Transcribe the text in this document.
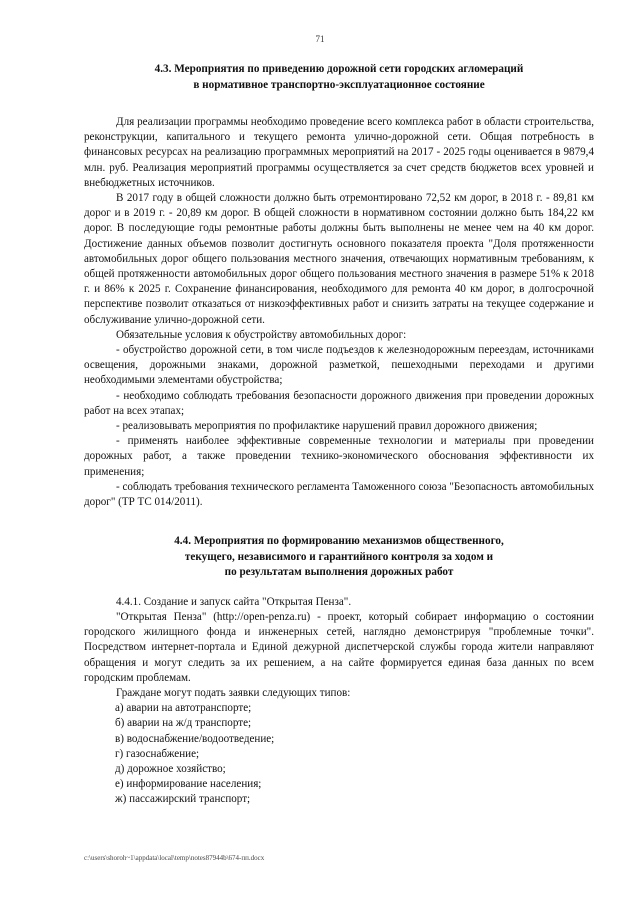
71
4.3. Мероприятия по приведению дорожной сети городских агломераций
в нормативное транспортно-эксплуатационное состояние

Для реализации программы необходимо проведение всего комплекса работ в области строительства, реконструкции, капитального и текущего ремонта улично-дорожной сети. Общая потребность в финансовых ресурсах на реализацию программных мероприятий на 2017 - 2025 годы оценивается в 9879,4 млн. руб. Реализация мероприятий программы осуществляется за счет средств бюджетов всех уровней и внебюджетных источников.

В 2017 году в общей сложности должно быть отремонтировано 72,52 км дорог, в 2018 г. - 89,81 км дорог и в 2019 г. - 20,89 км дорог. В общей сложности в нормативном состоянии должно быть 184,22 км дорог. В последующие годы ремонтные работы должны быть выполнены не менее чем на 40 км дорог. Достижение данных объемов позволит достигнуть основного показателя проекта "Доля протяженности автомобильных дорог общего пользования местного значения, отвечающих нормативным требованиям, к общей протяженности автомобильных дорог общего пользования местного значения в размере 51% к 2018 г. и 86% к 2025 г. Сохранение финансирования, необходимого для ремонта 40 км дорог, в долгосрочной перспективе позволит отказаться от низкоэффективных работ и снизить затраты на текущее содержание и обслуживание улично-дорожной сети.

Обязательные условия к обустройству автомобильных дорог:

- обустройство дорожной сети, в том числе подъездов к железнодорожным переездам, источниками освещения, дорожными знаками, дорожной разметкой, пешеходными переходами и другими необходимыми элементами обустройства;

- необходимо соблюдать требования безопасности дорожного движения при проведении дорожных работ на всех этапах;

- реализовывать мероприятия по профилактике нарушений правил дорожного движения;

- применять наиболее эффективные современные технологии и материалы при проведении дорожных работ, а также проведении технико-экономического обоснования эффективности их применения;

- соблюдать требования технического регламента Таможенного союза "Безопасность автомобильных дорог" (ТР ТС 014/2011).

4.4. Мероприятия по формированию механизмов общественного,
текущего, независимого и гарантийного контроля за ходом и
по результатам выполнения дорожных работ

4.4.1. Создание и запуск сайта "Открытая Пенза".

"Открытая Пенза" (http://open-penza.ru) - проект, который собирает информацию о состоянии городского жилищного фонда и инженерных сетей, наглядно демонстрируя "проблемные точки". Посредством интернет-портала и Единой дежурной диспетчерской службы города жители направляют обращения и могут следить за их решением, а на сайте формируется единая база данных по всем городским проблемам.

Граждане могут подать заявки следующих типов:

а) аварии на автотранспорте;
б) аварии на ж/д транспорте;
в) водоснабжение/водоотведение;
г) газоснабжение;
д) дорожное хозяйство;
е) информирование населения;
ж) пассажирский транспорт;
c:\users\shoroh~1\appdata\local\temp\notes87944b\674-пп.docx
